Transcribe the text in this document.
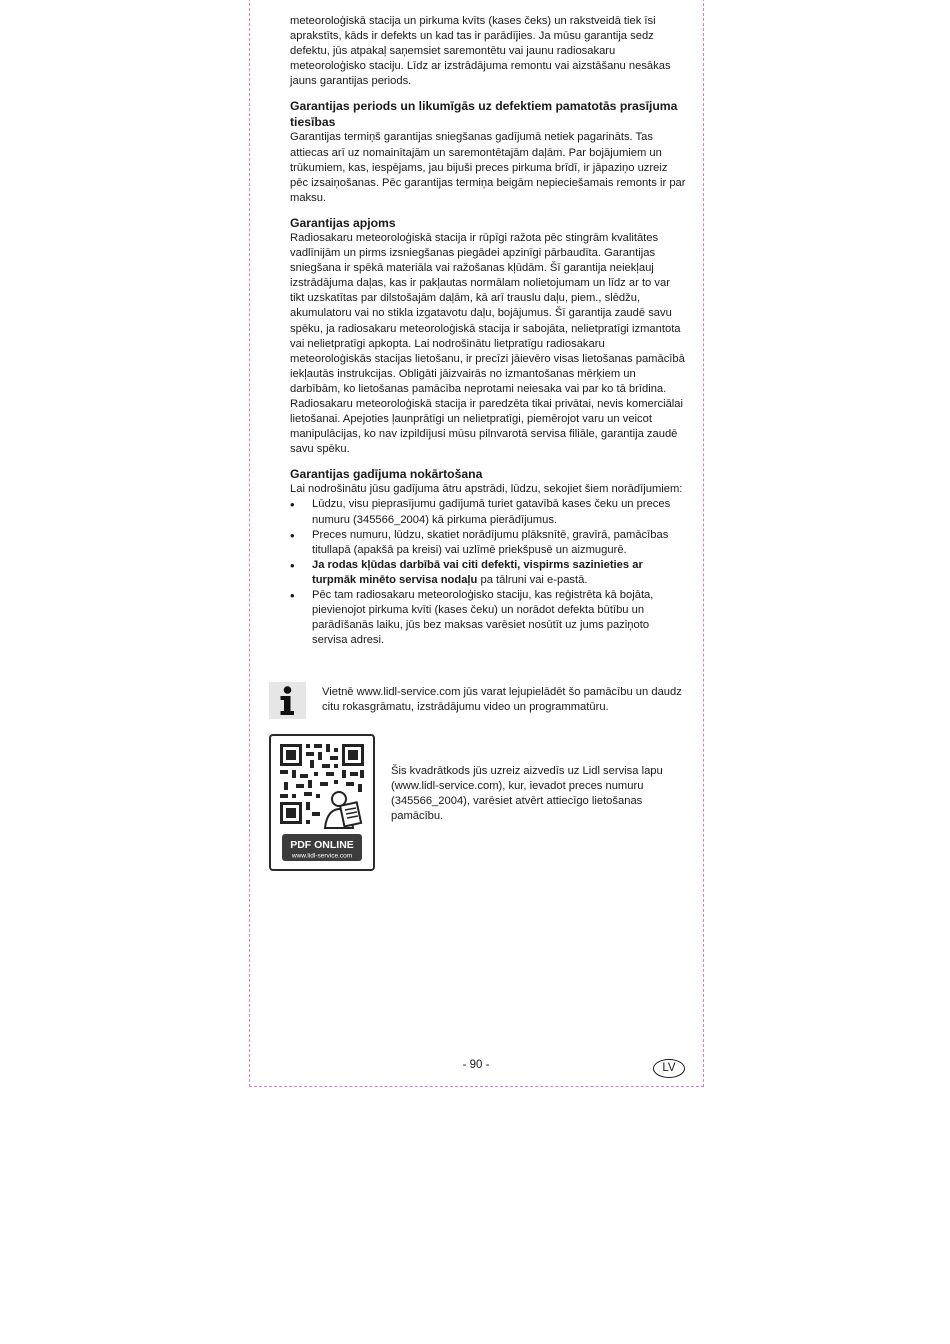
meteoroloģiskā stacija un pirkuma kvīts (kases čeks) un rakstveidā tiek īsi aprakstīts, kāds ir defekts un kad tas ir parādījies. Ja mūsu garantija sedz defektu, jūs atpakaļ saņemsiet saremontētu vai jaunu radiosakaru meteoroloģisko staciju. Līdz ar izstrādājuma remontu vai aizstāšanu nesākas jauns garantijas periods.

Garantijas periods un likumīgās uz defektiem pamatotās prasījuma tiesības

Garantijas termiņš garantijas sniegšanas gadījumā netiek pagarināts. Tas attiecas arī uz nomainītajām un saremontētajām daļām. Par bojājumiem un trūkumiem, kas, iespējams, jau bijuši preces pirkuma brīdī, ir jāpaziņo uzreiz pēc izsaiņošanas. Pēc garantijas termiņa beigām nepieciešamais remonts ir par maksu.

Garantijas apjoms

Radiosakaru meteoroloģiskā stacija ir rūpīgi ražota pēc stingrām kvalitātes vadlīnijām un pirms izsniegšanas piegādei apzinīgi pārbaudīta. Garantijas sniegšana ir spēkā materiāla vai ražošanas kļūdām. Šī garantija neiekļauj izstrādājuma daļas, kas ir pakļautas normālam nolietojumam un līdz ar to var tikt uzskatītas par dilstošajām daļām, kā arī trauslu daļu, piem., slēdžu, akumulatoru vai no stikla izgatavotu daļu, bojājumus. Šī garantija zaudē savu spēku, ja radiosakaru meteoroloģiskā stacija ir sabojāta, nelietpratīgi izmantota vai nelietpratīgi apkopta. Lai nodrošinātu lietpratīgu radiosakaru meteoroloģiskās stacijas lietošanu, ir precīzi jāievēro visas lietošanas pamācībā iekļautās instrukcijas. Obligāti jāizvairās no izmantošanas mērķiem un darbībām, ko lietošanas pamācība neprotami neiesaka vai par ko tā brīdina.

Radiosakaru meteoroloģiskā stacija ir paredzēta tikai privātai, nevis komerciālai lietošanai. Apejoties ļaunprātīgi un nelietpratīgi, piemērojot varu un veicot manipulācijas, ko nav izpildījusi mūsu pilnvarotā servisa filiāle, garantija zaudē savu spēku.

Garantijas gadījuma nokārtošana

Lai nodrošinātu jūsu gadījuma ātru apstrādi, lūdzu, sekojiet šiem norādījumiem:

• Lūdzu, visu pieprasījumu gadījumā turiet gatavībā kases čeku un preces numuru (345566_2004) kā pirkuma pierādījumus.
• Preces numuru, lūdzu, skatiet norādījumu plāksnītē, gravīrā, pamācības titullapā (apakšā pa kreisi) vai uzlīmē priekšpusē un aizmugurē.
• Ja rodas kļūdas darbībā vai citi defekti, vispirms sazinieties ar turpmāk minēto servisa nodaļu pa tālruni vai e-pastā.
• Pēc tam radiosakaru meteoroloģisko staciju, kas reģistrēta kā bojāta, pievienojot pirkuma kvīti (kases čeku) un norādot defekta būtību un parādīšanās laiku, jūs bez maksas varēsiet nosūtīt uz jums paziņoto servisa adresi.

Vietnē www.lidl-service.com jūs varat lejupielādēt šo pamācību un daudz citu rokasgrāmatu, izstrādājumu video un programmatūru.

PDF ONLINE
www.lidl-service.com

Šis kvadrātkods jūs uzreiz aizvedīs uz Lidl servisa lapu (www.lidl-service.com), kur, ievadot preces numuru (345566_2004), varēsiet atvērt attiecīgo lietošanas pamācību.

- 90 -	LV
